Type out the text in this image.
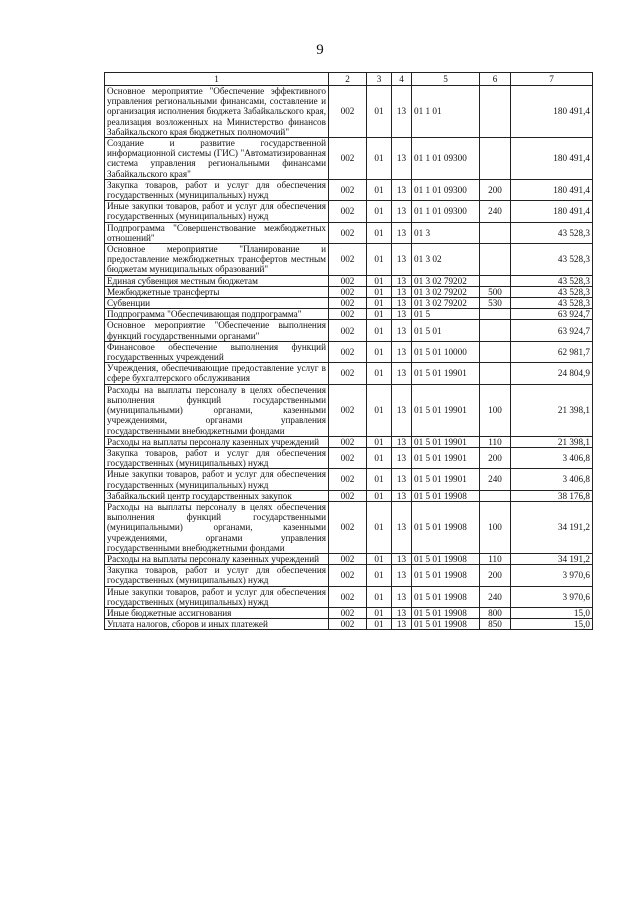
9
1	2	3	4	5	6	7
Основное мероприятие "Обеспечение эффективного управления региональными финансами, составление и организация исполнения бюджета Забайкальского края, реализация возложенных на Министерство финансов Забайкальского края бюджетных полномочий"	002	01	13	01 1 01		180 491,4
Создание и развитие государственной информационной системы (ГИС) "Автоматизированная система управления региональными финансами Забайкальского края"	002	01	13	01 1 01 09300		180 491,4
Закупка товаров, работ и услуг для обеспечения государственных (муниципальных) нужд	002	01	13	01 1 01 09300	200	180 491,4
Иные закупки товаров, работ и услуг для обеспечения государственных (муниципальных) нужд	002	01	13	01 1 01 09300	240	180 491,4
Подпрограмма "Совершенствование межбюджетных отношений"	002	01	13	01 3		43 528,3
Основное мероприятие "Планирование и предоставление межбюджетных трансфертов местным бюджетам муниципальных образований"	002	01	13	01 3 02		43 528,3
Единая субвенция местным бюджетам	002	01	13	01 3 02 79202		43 528,3
Межбюджетные трансферты	002	01	13	01 3 02 79202	500	43 528,3
Субвенции	002	01	13	01 3 02 79202	530	43 528,3
Подпрограмма "Обеспечивающая подпрограмма"	002	01	13	01 5		63 924,7
Основное мероприятие "Обеспечение выполнения функций государственными органами"	002	01	13	01 5 01		63 924,7
Финансовое обеспечение выполнения функций государственных учреждений	002	01	13	01 5 01 10000		62 981,7
Учреждения, обеспечивающие предоставление услуг в сфере бухгалтерского обслуживания	002	01	13	01 5 01 19901		24 804,9
Расходы на выплаты персоналу в целях обеспечения выполнения функций государственными (муниципальными) органами, казенными учреждениями, органами управления государственными внебюджетными фондами	002	01	13	01 5 01 19901	100	21 398,1
Расходы на выплаты персоналу казенных учреждений	002	01	13	01 5 01 19901	110	21 398,1
Закупка товаров, работ и услуг для обеспечения государственных (муниципальных) нужд	002	01	13	01 5 01 19901	200	3 406,8
Иные закупки товаров, работ и услуг для обеспечения государственных (муниципальных) нужд	002	01	13	01 5 01 19901	240	3 406,8
Забайкальский центр государственных закупок	002	01	13	01 5 01 19908		38 176,8
Расходы на выплаты персоналу в целях обеспечения выполнения функций государственными (муниципальными) органами, казенными учреждениями, органами управления государственными внебюджетными фондами	002	01	13	01 5 01 19908	100	34 191,2
Расходы на выплаты персоналу казенных учреждений	002	01	13	01 5 01 19908	110	34 191,2
Закупка товаров, работ и услуг для обеспечения государственных (муниципальных) нужд	002	01	13	01 5 01 19908	200	3 970,6
Иные закупки товаров, работ и услуг для обеспечения государственных (муниципальных) нужд	002	01	13	01 5 01 19908	240	3 970,6
Иные бюджетные ассигнования	002	01	13	01 5 01 19908	800	15,0
Уплата налогов, сборов и иных платежей	002	01	13	01 5 01 19908	850	15,0
